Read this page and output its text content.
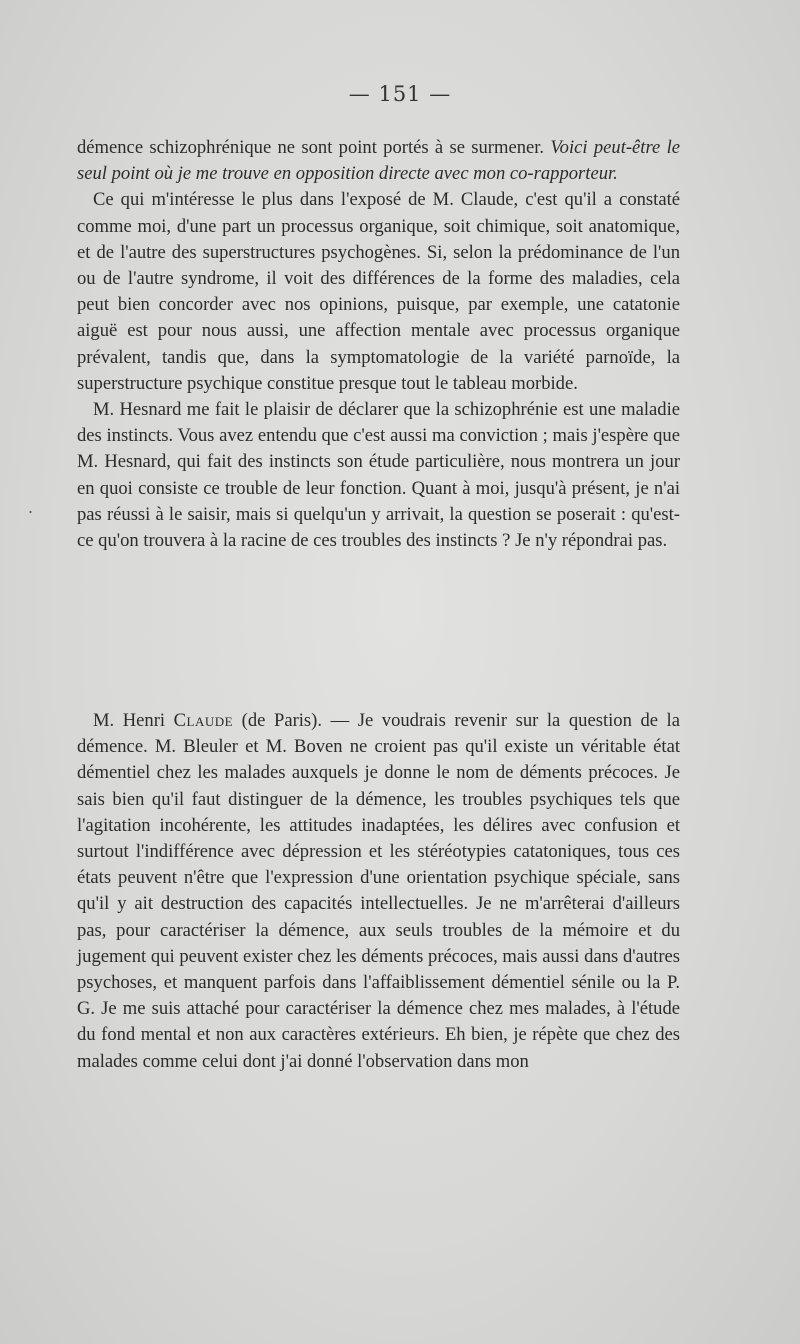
— 151 —
.

démence schizophrénique ne sont point portés à se surmener. Voici peut-être le seul point où je me trouve en opposition directe avec mon co-rapporteur.

Ce qui m'intéresse le plus dans l'exposé de M. Claude, c'est qu'il a constaté comme moi, d'une part un processus organique, soit chimique, soit anatomique, et de l'autre des superstructures psychogènes. Si, selon la prédominance de l'un ou de l'autre syndrome, il voit des différences de la forme des maladies, cela peut bien concorder avec nos opinions, puisque, par exemple, une catatonie aiguë est pour nous aussi, une affection mentale avec processus organique prévalent, tandis que, dans la symptomatologie de la variété parnoïde, la superstructure psychique constitue presque tout le tableau morbide.

M. Hesnard me fait le plaisir de déclarer que la schizophrénie est une maladie des instincts. Vous avez entendu que c'est aussi ma conviction ; mais j'espère que M. Hesnard, qui fait des instincts son étude particulière, nous montrera un jour en quoi consiste ce trouble de leur fonction. Quant à moi, jusqu'à présent, je n'ai pas réussi à le saisir, mais si quelqu'un y arrivait, la question se poserait : qu'est-ce qu'on trouvera à la racine de ces troubles des instincts ? Je n'y répondrai pas.

M. Henri Claude (de Paris). — Je voudrais revenir sur la question de la démence. M. Bleuler et M. Boven ne croient pas qu'il existe un véritable état démentiel chez les malades auxquels je donne le nom de déments précoces. Je sais bien qu'il faut distinguer de la démence, les troubles psychiques tels que l'agitation incohérente, les attitudes inadaptées, les délires avec confusion et surtout l'indifférence avec dépression et les stéréotypies catatoniques, tous ces états peuvent n'être que l'expression d'une orientation psychique spéciale, sans qu'il y ait destruction des capacités intellectuelles. Je ne m'arrêterai d'ailleurs pas, pour caractériser la démence, aux seuls troubles de la mémoire et du jugement qui peuvent exister chez les déments précoces, mais aussi dans d'autres psychoses, et manquent parfois dans l'affaiblissement démentiel sénile ou la P. G. Je me suis attaché pour caractériser la démence chez mes malades, à l'étude du fond mental et non aux caractères extérieurs. Eh bien, je répète que chez des malades comme celui dont j'ai donné l'observation dans mon
